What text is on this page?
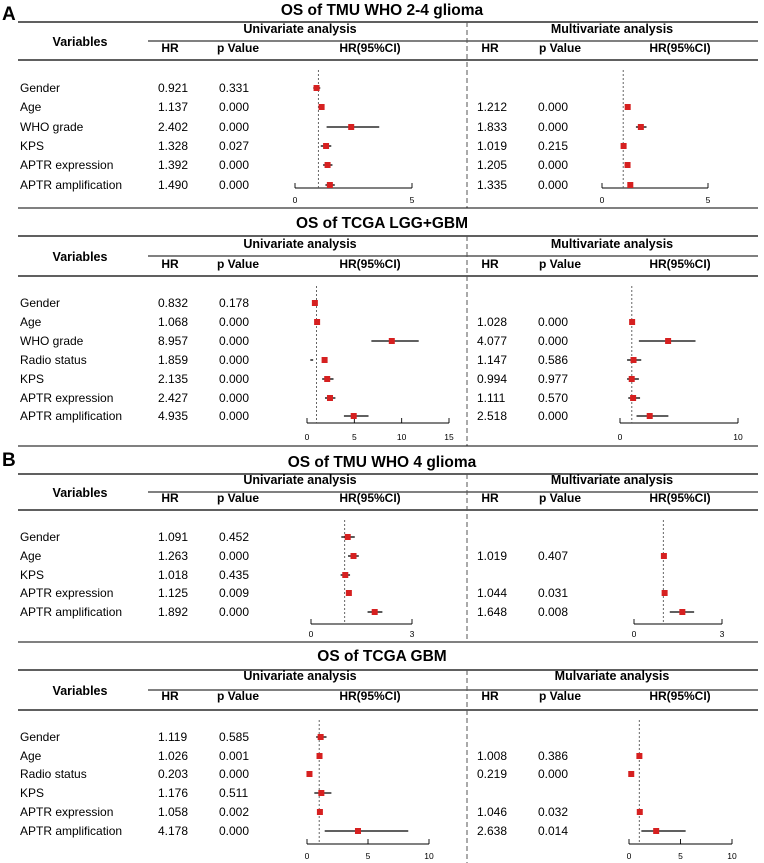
A	OS of TMU WHO 2-4 glioma
Variables
Univariate analysis	Multivariate analysis
HR	p Value	HR(95%CI)	HR	p Value	HR(95%CI)
0	5	0	5
Gender	0.921	0.331
Age	1.137	0.000	1.212	0.000
WHO grade	2.402	0.000	1.833	0.000
KPS	1.328	0.027	1.019	0.215
APTR expression	1.392	0.000	1.205	0.000
APTR amplification	1.490	0.000	1.335	0.000
OS of TCGA LGG+GBM
Variables
Univariate analysis	Multivariate analysis
HR	p Value	HR(95%CI)	HR	p Value	HR(95%CI)
0	5	10	15	0	10
Gender	0.832	0.178
Age	1.068	0.000	1.028	0.000
WHO grade	8.957	0.000	4.077	0.000
Radio status	1.859	0.000	1.147	0.586
KPS	2.135	0.000	0.994	0.977
APTR expression	2.427	0.000	1.111	0.570
APTR amplification	4.935	0.000	2.518	0.000
B	OS of TMU WHO 4 glioma
Variables
Univariate analysis	Multivariate analysis
HR	p Value	HR(95%CI)	HR	p Value	HR(95%CI)
0	3	0	3
Gender	1.091	0.452
Age	1.263	0.000	1.019	0.407
KPS	1.018	0.435
APTR expression	1.125	0.009	1.044	0.031
APTR amplification	1.892	0.000	1.648	0.008
OS of TCGA GBM
Variables
Univariate analysis	Mulvariate analysis
HR	p Value	HR(95%CI)	HR	p Value	HR(95%CI)
0	5	10	0	5	10
Gender	1.119	0.585
Age	1.026	0.001	1.008	0.386
Radio status	0.203	0.000	0.219	0.000
KPS	1.176	0.511
APTR expression	1.058	0.002	1.046	0.032
APTR amplification	4.178	0.000	2.638	0.014
